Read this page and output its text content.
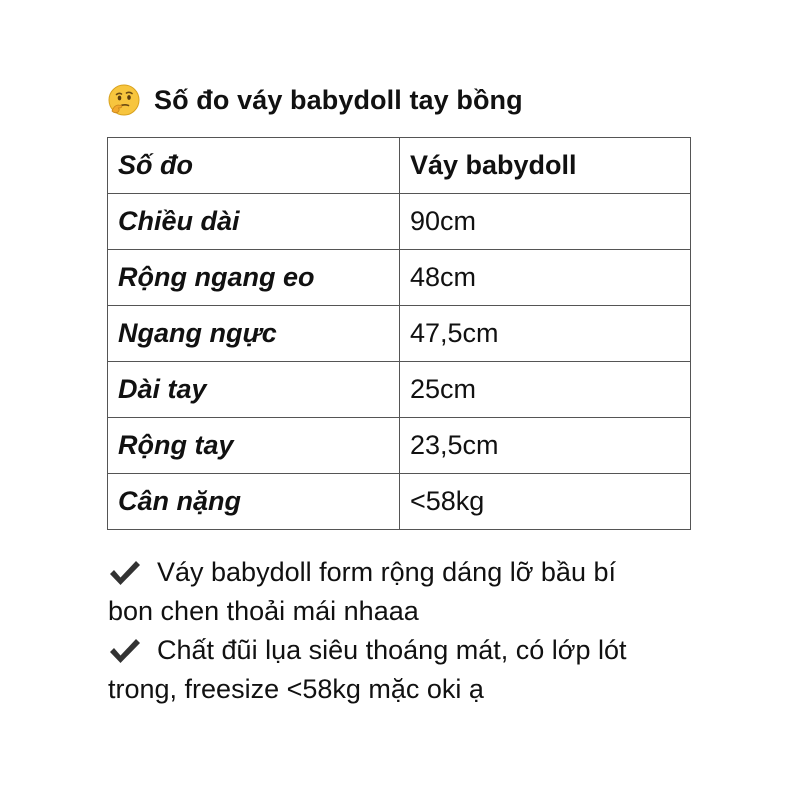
Số đo váy babydoll tay bồng
Số đo	Váy babydoll
Chiều dài	90cm
Rộng ngang eo	48cm
Ngang ngực	47,5cm
Dài tay	25cm
Rộng tay	23,5cm
Cân nặng	<58kg
Váy babydoll form rộng dáng lỡ bầu bí
bon chen thoải mái nhaaa
Chất đũi lụa siêu thoáng mát, có lớp lót
trong, freesize <58kg mặc oki ạ
